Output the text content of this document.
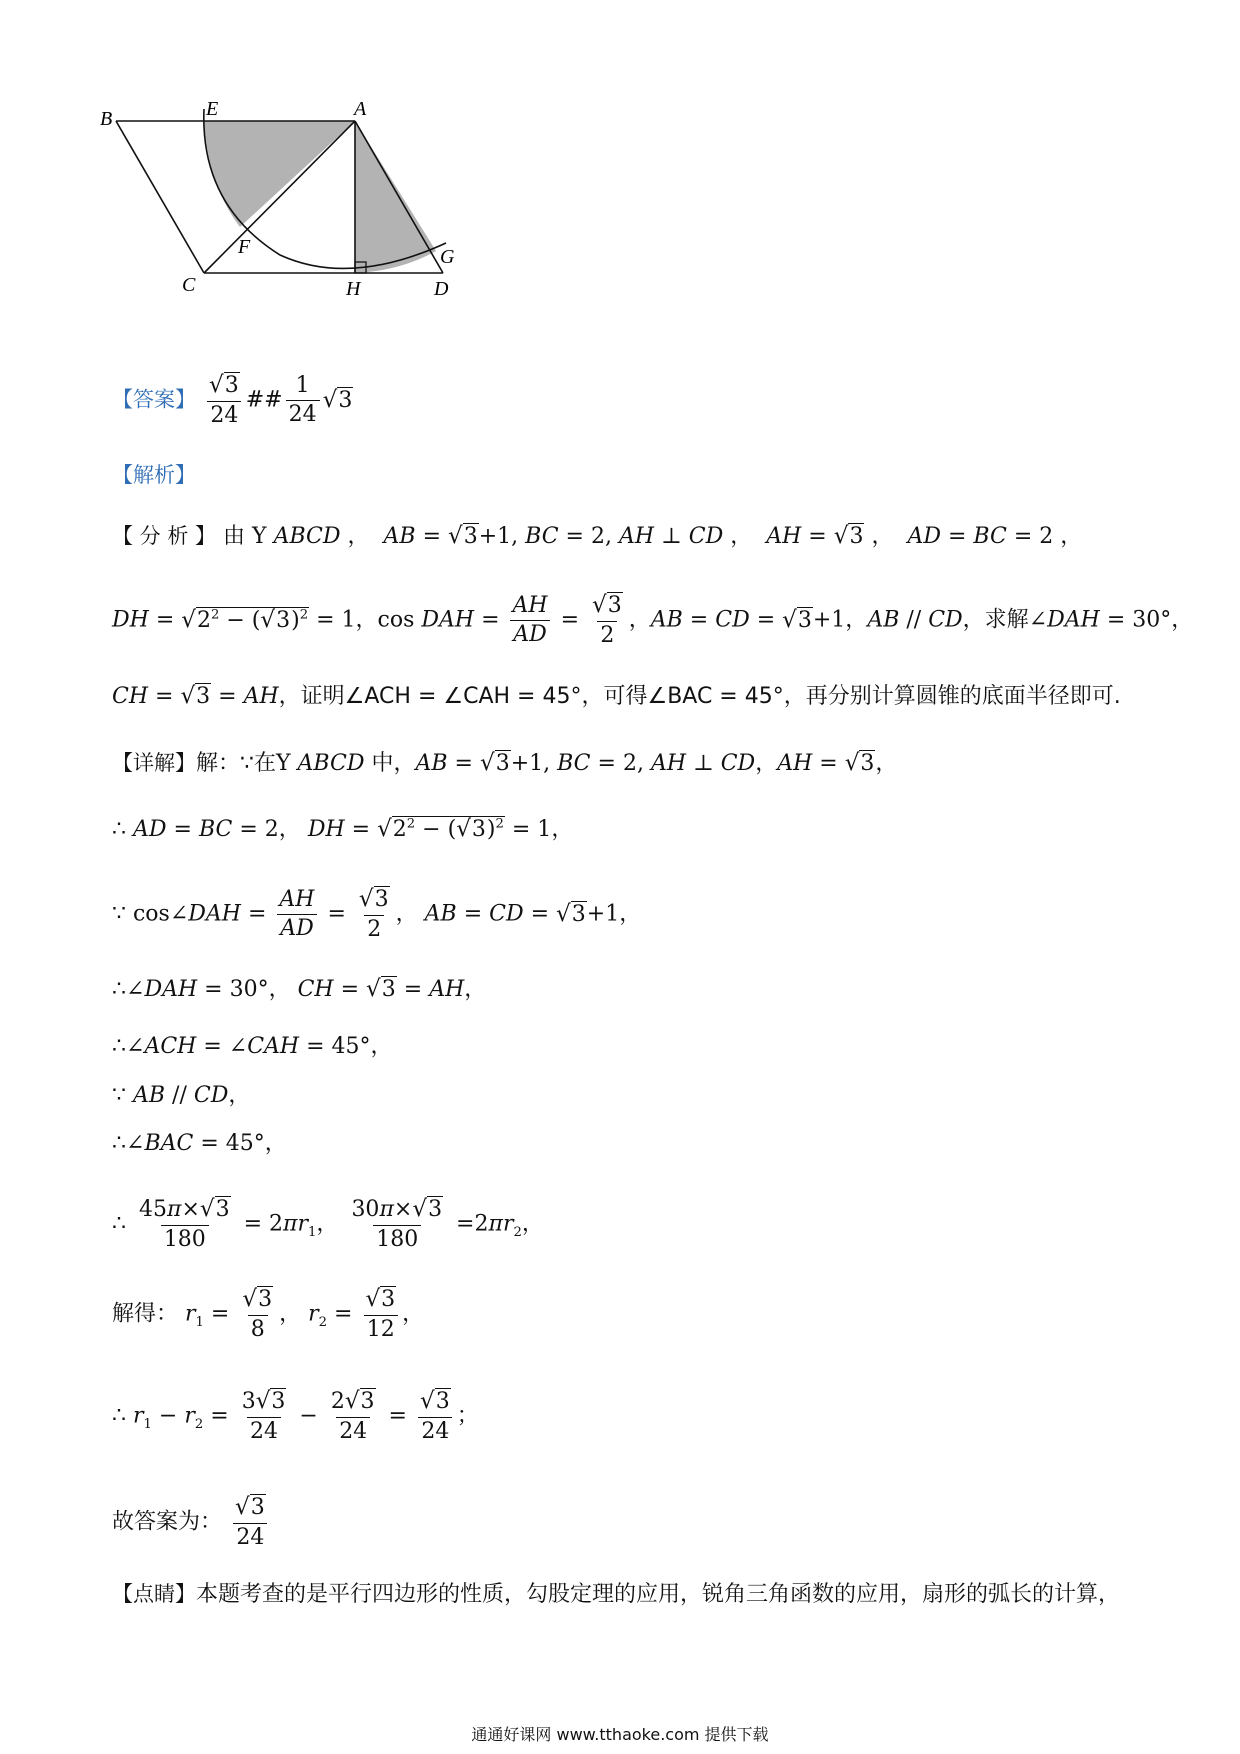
B	E	A
F	G
C	H	D
【答案】 $\frac{√3}{24}$ ## $\frac{1}{24} √3$
【解析】
【 分 析 】 由 Y ABCD ， AB = √3+1, BC = 2, AH ⊥ CD ， AH = √3 ， AD = BC = 2 ，
DH = $√2^2 - (√3)^2 = 1$，cos DAH = $\frac{AH}{AD} = \frac{√3}{2}$ ，AB = CD = √3+1，AB // CD，求解∠DAH = 30°，
CH = √3 = AH，证明∠ACH = ∠CAH = 45°，可得∠BAC = 45°，再分别计算圆锥的底面半径即可.
【详解】解：∵在Y ABCD 中，AB = √3+1, BC = 2, AH ⊥ CD，AH = √3，
∴ AD = BC = 2， DH = $√2^2 - (√3)^2 = 1$，
∵ cos∠DAH = $\frac{AH}{AD} = \frac{√3}{2}$ ， AB = CD = √3+1，
∴∠DAH = 30°， CH = √3 = AH，
∴∠ACH = ∠CAH = 45°，
∵ AB // CD，
∴∠BAC = 45°，
∴ $\frac{45\pi\times√3}{180} = 2\pi r_1$， $\frac{30\pi\times√3}{180} =2\pi r_2$，
解得： $r_1 = \frac{√3}{8}$ ， $r_2 = \frac{√3}{12}$ ，
∴ $r_1 - r_2 = \frac{3√3}{24} - \frac{2√3}{24} = \frac{√3}{24}$ ；
故答案为： $\frac{√3}{24}$
【点睛】本题考查的是平行四边形的性质，勾股定理的应用，锐角三角函数的应用，扇形的弧长的计算，
通通好课网 www.tthaoke.com 提供下载
